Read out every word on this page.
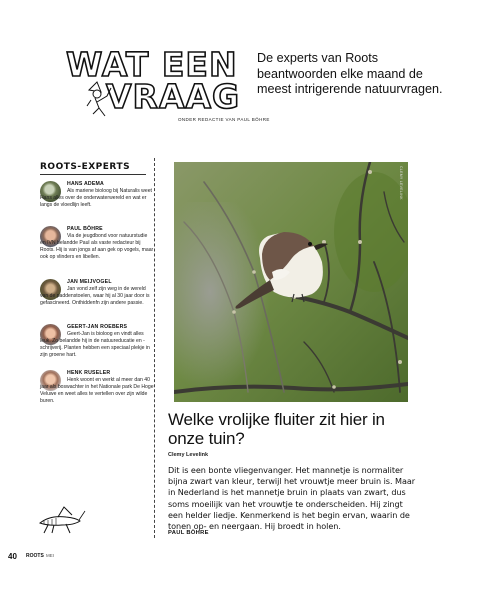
WAT EEN
VRAAG
ONDER REDACTIE VAN PAUL BÖHRE
De experts van Roots beantwoorden elke maand de meest intrigerende natuurvragen.
ROOTS-EXPERTS
HANS ADEMA
Als mariene bioloog bij Naturalis weet Hans alles over de onderwaterwereld en wat er langs de vloedlijn leeft.
PAUL BÖHRE
Via de jeugdbond voor natuurstudie en IVN belandde Paul als vaste redacteur bij Roots. Hij is van jongs af aan gek op vogels, maar ook op vlinders en libellen.
JAN MEIJVOGEL
Jan vond zelf zijn weg in de wereld van de paddenstoelen, waar hij al 30 jaar door is gefascineerd. Onthiddenfn zijn andere passie.
GEERT-JAN ROEBERS
Geert-Jan is bioloog en vindt alles leuk. Zo belandde hij in de natuureducatie en -schrijverij. Planten hebben een speciaal plekje in zijn groene hart.
HENK RUSELER
Henk woont en werkt al meer dan 40 jaar als boswachter in het Nationale park De Hoge Veluwe en weet alles te vertellen over zijn wilde buren.
CLEMY LEVELINK
Welke vrolijke fluiter zit hier in onze tuin?
Clemy Levelink
Dit is een bonte vliegenvanger. Het mannetje is normaliter bijna zwart van kleur, terwijl het vrouwtje meer bruin is. Maar in Nederland is het mannetje bruin in plaats van zwart, dus soms moeilijk van het vrouwtje te onderscheiden. Hij zingt een helder liedje. Kenmerkend is het begin ervan, waarin de tonen op- en neergaan. Hij broedt in holen.
PAUL BÖHRE
40 ROOTS MEI
